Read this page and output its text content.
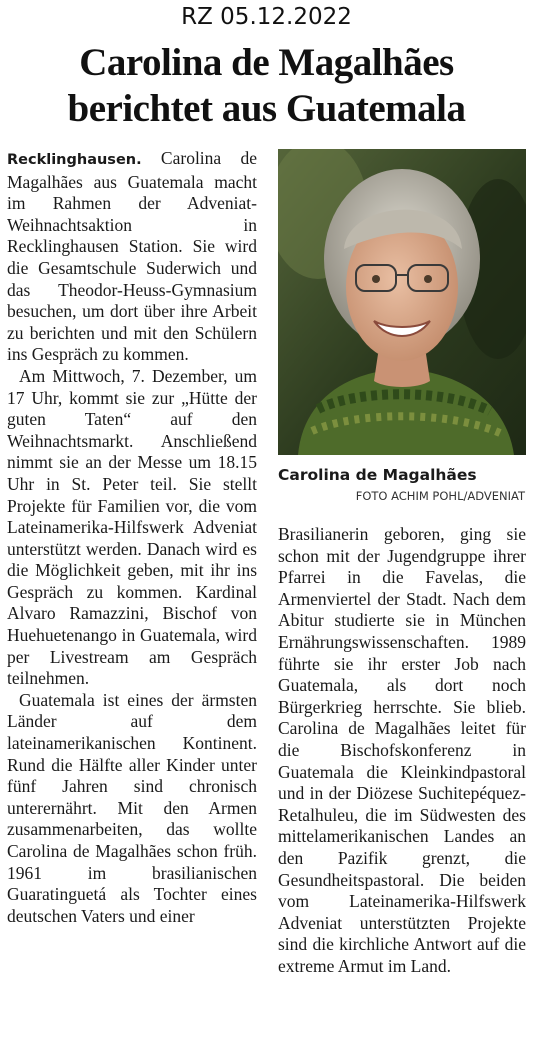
RZ 05.12.2022
Carolina de Magalhães
berichtet aus Guatemala

Recklinghausen. Carolina de Magalhães aus Guatemala macht im Rahmen der Adveniat-Weihnachtsaktion in Recklinghausen Station. Sie wird die Gesamtschule Suderwich und das Theodor-Heuss-Gymnasium besuchen, um dort über ihre Arbeit zu berichten und mit den Schülern ins Gespräch zu kommen.

Am Mittwoch, 7. Dezember, um 17 Uhr, kommt sie zur „Hütte der guten Taten“ auf den Weihnachtsmarkt. Anschließend nimmt sie an der Messe um 18.15 Uhr in St. Peter teil. Sie stellt Projekte für Familien vor, die vom Lateinamerika-Hilfswerk Adveniat unterstützt werden. Danach wird es die Möglichkeit geben, mit ihr ins Gespräch zu kommen. Kardinal Alvaro Ramazzini, Bischof von Huehuetenango in Guatemala, wird per Livestream am Gespräch teilnehmen.

Guatemala ist eines der ärmsten Länder auf dem lateinamerikanischen Kontinent. Rund die Hälfte aller Kinder unter fünf Jahren sind chronisch unterernährt. Mit den Armen zusammenarbeiten, das wollte Carolina de Magalhães schon früh. 1961 im brasilianischen Guaratinguetá als Tochter eines deutschen Vaters und einer

Carolina de Magalhães
FOTO ACHIM POHL/ADVENIAT

Brasilianerin geboren, ging sie schon mit der Jugendgruppe ihrer Pfarrei in die Favelas, die Armenviertel der Stadt. Nach dem Abitur studierte sie in München Ernährungswissenschaften. 1989 führte sie ihr erster Job nach Guatemala, als dort noch Bürgerkrieg herrschte. Sie blieb. Carolina de Magalhães leitet für die Bischofskonferenz in Guatemala die Kleinkindpastoral und in der Diözese Suchitepéquez-Retalhuleu, die im Südwesten des mittelamerikanischen Landes an den Pazifik grenzt, die Gesundheitspastoral. Die beiden vom Lateinamerika-Hilfswerk Adveniat unterstützten Projekte sind die kirchliche Antwort auf die extreme Armut im Land.
